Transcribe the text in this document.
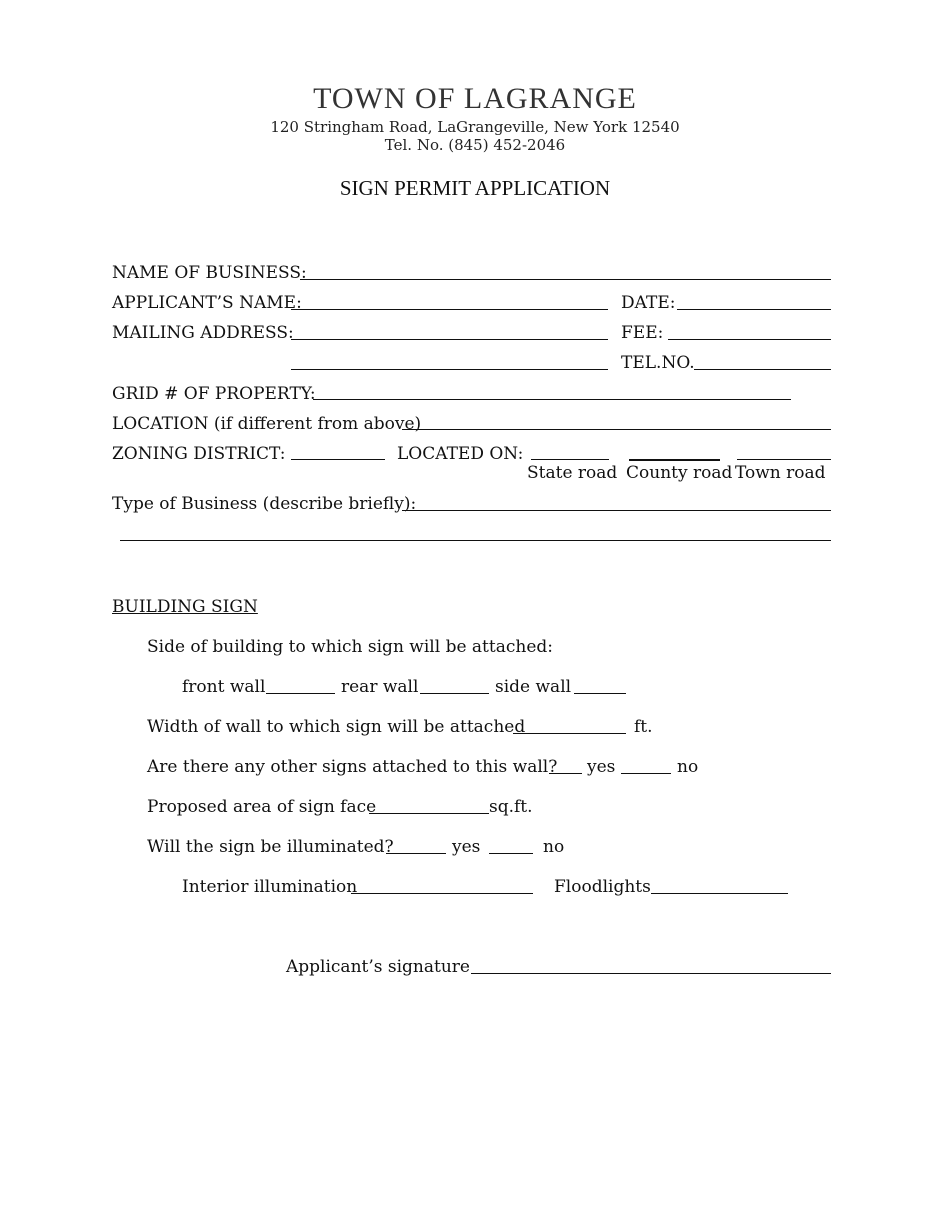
TOWN OF LAGRANGE
120 Stringham Road, LaGrangeville, New York 12540
Tel. No. (845) 452-2046
SIGN PERMIT APPLICATION
NAME OF BUSINESS:
APPLICANT’S NAME:	DATE:
MAILING ADDRESS:	FEE:
TEL.NO.
GRID # OF PROPERTY:
LOCATION (if different from above)
ZONING DISTRICT:	LOCATED ON:
State road County road Town road
Type of Business (describe briefly):
BUILDING SIGN
Side of building to which sign will be attached:
front wall	rear wall	side wall
Width of wall to which sign will be attached	ft.
Are there any other signs attached to this wall? yes	no
Proposed area of sign face	sq.ft.
Will the sign be illuminated?	yes	no
Interior illumination	Floodlights
Applicant’s signature
